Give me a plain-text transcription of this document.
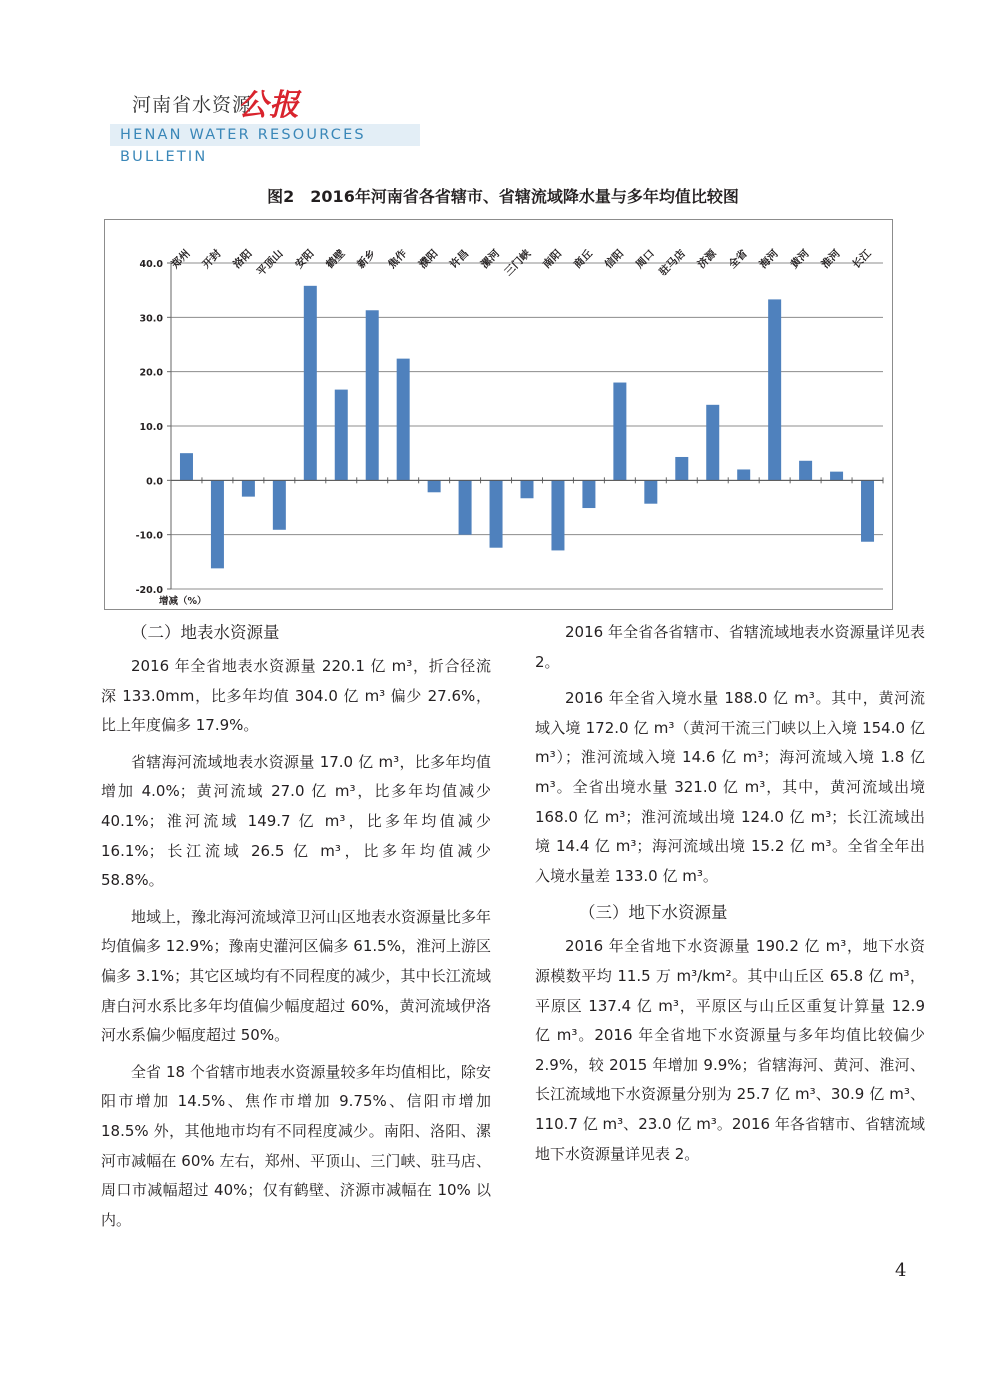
河南省水资源
公报
HENAN WATER RESOURCES BULLETIN
图2　2016年河南省各省辖市、省辖流域降水量与多年均值比较图
40.0
30.0
20.0
10.0
0.0
-10.0
-20.0
郑州 开封 洛阳 平顶山 安阳 鹤壁 新乡 焦作 濮阳 许昌 漯河 三门峡 南阳 商丘 信阳 周口 驻马店 济源 全省 海河 黄河 淮河 长江
增减（%）
（二）地表水资源量

2016 年全省地表水资源量 220.1 亿 m³，折合径流深 133.0mm，比多年均值 304.0 亿 m³ 偏少 27.6%，比上年度偏多 17.9%。

省辖海河流域地表水资源量 17.0 亿 m³，比多年均值增加 4.0%；黄河流域 27.0 亿 m³，比多年均值减少 40.1%；淮河流域 149.7 亿 m³，比多年均值减少 16.1%；长江流域 26.5 亿 m³，比多年均值减少 58.8%。

地域上，豫北海河流域漳卫河山区地表水资源量比多年均值偏多 12.9%；豫南史灌河区偏多 61.5%，淮河上游区偏多 3.1%；其它区域均有不同程度的减少，其中长江流域唐白河水系比多年均值偏少幅度超过 60%，黄河流域伊洛河水系偏少幅度超过 50%。

全省 18 个省辖市地表水资源量较多年均值相比，除安阳市增加 14.5%、焦作市增加 9.75%、信阳市增加 18.5% 外，其他地市均有不同程度减少。南阳、洛阳、漯河市减幅在 60% 左右，郑州、平顶山、三门峡、驻马店、周口市减幅超过 40%；仅有鹤壁、济源市减幅在 10% 以内。

2016 年全省各省辖市、省辖流域地表水资源量详见表 2。

2016 年全省入境水量 188.0 亿 m³。其中，黄河流域入境 172.0 亿 m³（黄河干流三门峡以上入境 154.0 亿 m³）；淮河流域入境 14.6 亿 m³；海河流域入境 1.8 亿 m³。全省出境水量 321.0 亿 m³，其中，黄河流域出境 168.0 亿 m³；淮河流域出境 124.0 亿 m³；长江流域出境 14.4 亿 m³；海河流域出境 15.2 亿 m³。全省全年出入境水量差 133.0 亿 m³。

（三）地下水资源量

2016 年全省地下水资源量 190.2 亿 m³，地下水资源模数平均 11.5 万 m³/km²。其中山丘区 65.8 亿 m³，平原区 137.4 亿 m³，平原区与山丘区重复计算量 12.9 亿 m³。2016 年全省地下水资源量与多年均值比较偏少 2.9%，较 2015 年增加 9.9%；省辖海河、黄河、淮河、长江流域地下水资源量分别为 25.7 亿 m³、30.9 亿 m³、110.7 亿 m³、23.0 亿 m³。2016 年各省辖市、省辖流域地下水资源量详见表 2。

4
